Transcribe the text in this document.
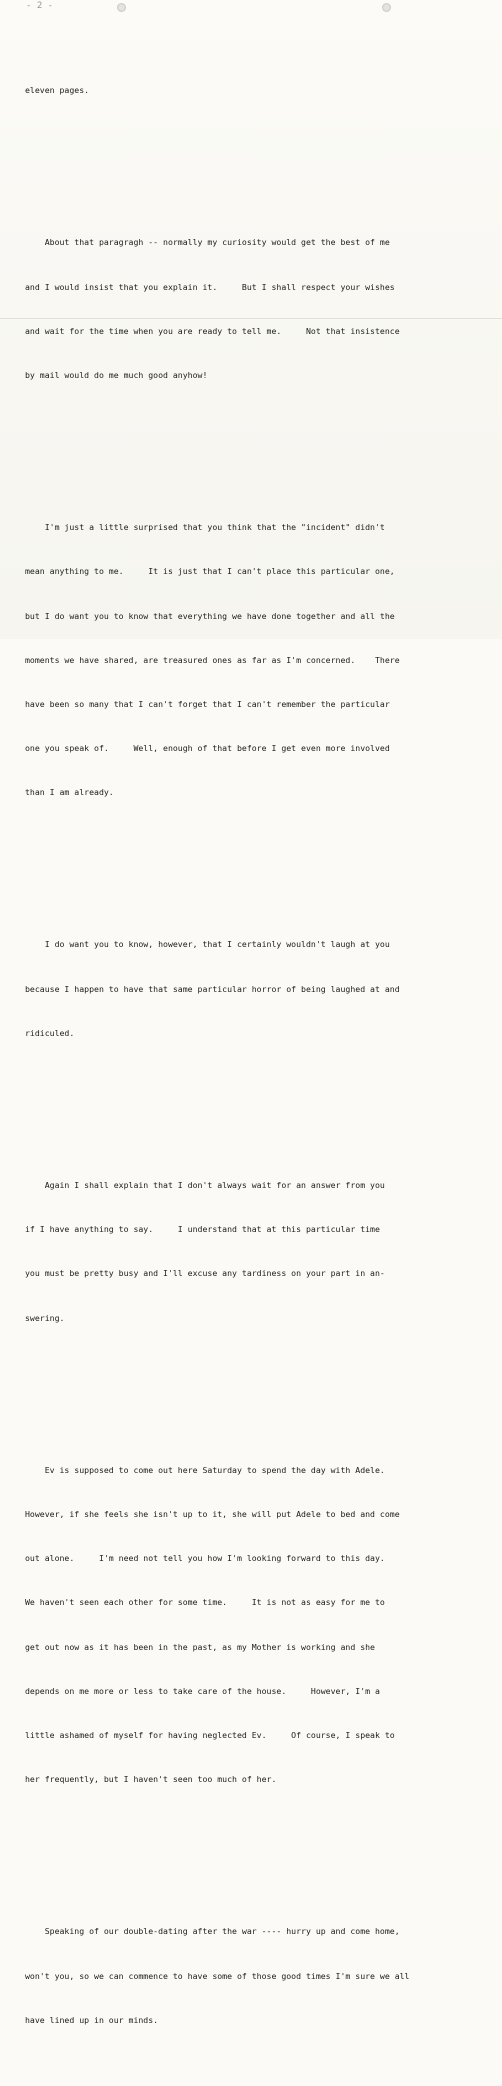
- 2 -

eleven pages.

About that paragragh -- normally my curiosity would get the best of me

and I would insist that you explain it.     But I shall respect your wishes

and wait for the time when you are ready to tell me.     Not that insistence

by mail would do me much good anyhow!

I'm just a little surprised that you think that the "incident" didn't

mean anything to me.     It is just that I can't place this particular one,

but I do want you to know that everything we have done together and all the

moments we have shared, are treasured ones as far as I'm concerned.    There

have been so many that I can't forget that I can't remember the particular

one you speak of.     Well, enough of that before I get even more involved

than I am already.

I do want you to know, however, that I certainly wouldn't laugh at you

because I happen to have that same particular horror of being laughed at and

ridiculed.

Again I shall explain that I don't always wait for an answer from you

if I have anything to say.     I understand that at this particular time

you must be pretty busy and I'll excuse any tardiness on your part in an-

swering.

Ev is supposed to come out here Saturday to spend the day with Adele.

However, if she feels she isn't up to it, she will put Adele to bed and come

out alone.     I'm need not tell you how I'm looking forward to this day.

We haven't seen each other for some time.     It is not as easy for me to

get out now as it has been in the past, as my Mother is working and she

depends on me more or less to take care of the house.     However, I'm a

little ashamed of myself for having neglected Ev.     Of course, I speak to

her frequently, but I haven't seen too much of her.

Speaking of our double-dating after the war ---- hurry up and come home,

won't you, so we can commence to have some of those good times I'm sure we all

have lined up in our minds.
